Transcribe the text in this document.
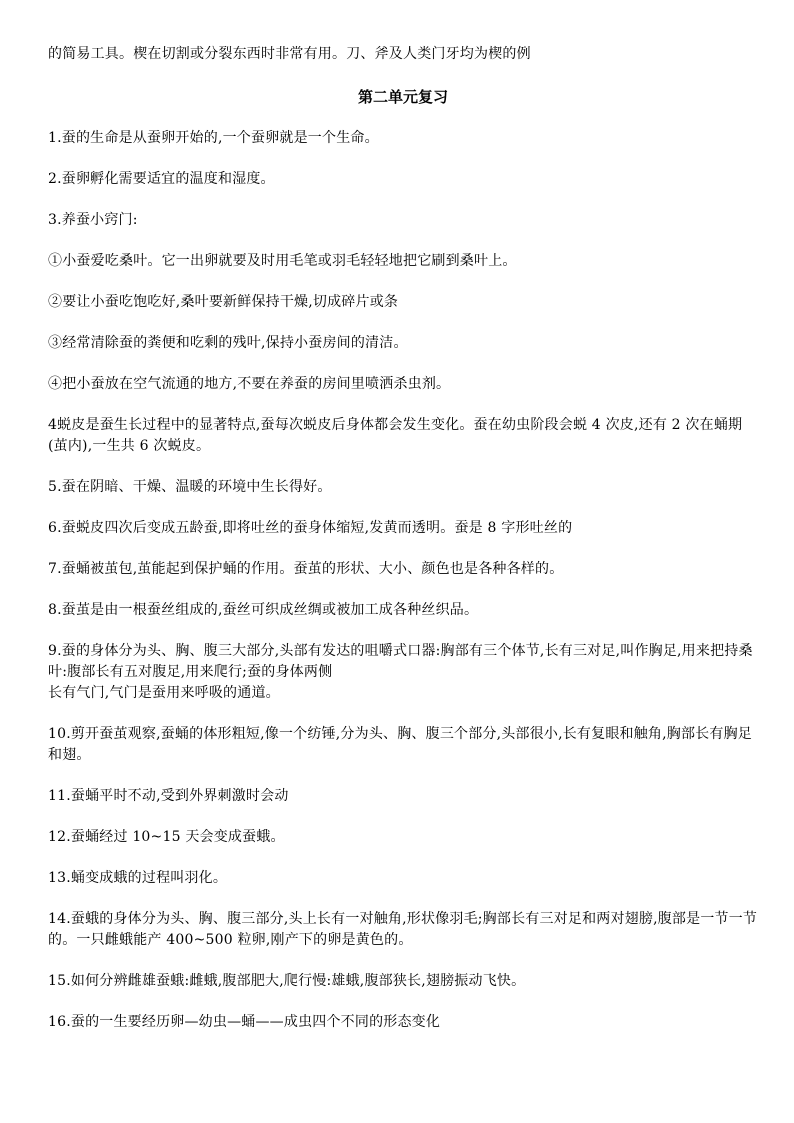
的简易工具。楔在切割或分裂东西时非常有用。刀、斧及人类门牙均为楔的例

第二单元复习

1.蚕的生命是从蚕卵开始的,一个蚕卵就是一个生命。

2.蚕卵孵化需要适宜的温度和湿度。

3.养蚕小窍门:

①小蚕爱吃桑叶。它一出卵就要及时用毛笔或羽毛轻轻地把它刷到桑叶上。

②要让小蚕吃饱吃好,桑叶要新鲜保持干燥,切成碎片或条

③经常清除蚕的粪便和吃剩的残叶,保持小蚕房间的清洁。

④把小蚕放在空气流通的地方,不要在养蚕的房间里喷洒杀虫剂。

4蜕皮是蚕生长过程中的显著特点,蚕每次蜕皮后身体都会发生变化。蚕在幼虫阶段会蜕 4 次皮,还有 2 次在蛹期(茧内),一生共 6 次蜕皮。

5.蚕在阴暗、干燥、温暖的环境中生长得好。

6.蚕蜕皮四次后变成五龄蚕,即将吐丝的蚕身体缩短,发黄而透明。蚕是 8 字形吐丝的

7.蚕蛹被茧包,茧能起到保护蛹的作用。蚕茧的形状、大小、颜色也是各种各样的。

8.蚕茧是由一根蚕丝组成的,蚕丝可织成丝绸或被加工成各种丝织品。

9.蚕的身体分为头、胸、腹三大部分,头部有发达的咀嚼式口器:胸部有三个体节,长有三对足,叫作胸足,用来把持桑叶:腹部长有五对腹足,用来爬行;蚕的身体两侧

长有气门,气门是蚕用来呼吸的通道。

10.剪开蚕茧观察,蚕蛹的体形粗短,像一个纺锤,分为头、胸、腹三个部分,头部很小,长有复眼和触角,胸部长有胸足和翅。

11.蚕蛹平时不动,受到外界刺激时会动

12.蚕蛹经过 10~15 天会变成蚕蛾。

13.蛹变成蛾的过程叫羽化。

14.蚕蛾的身体分为头、胸、腹三部分,头上长有一对触角,形状像羽毛;胸部长有三对足和两对翅膀,腹部是一节一节的。一只雌蛾能产 400~500 粒卵,刚产下的卵是黄色的。

15.如何分辨雌雄蚕蛾:雌蛾,腹部肥大,爬行慢:雄蛾,腹部狭长,翅膀振动飞快。

16.蚕的一生要经历卵—幼虫—蛹——成虫四个不同的形态变化
